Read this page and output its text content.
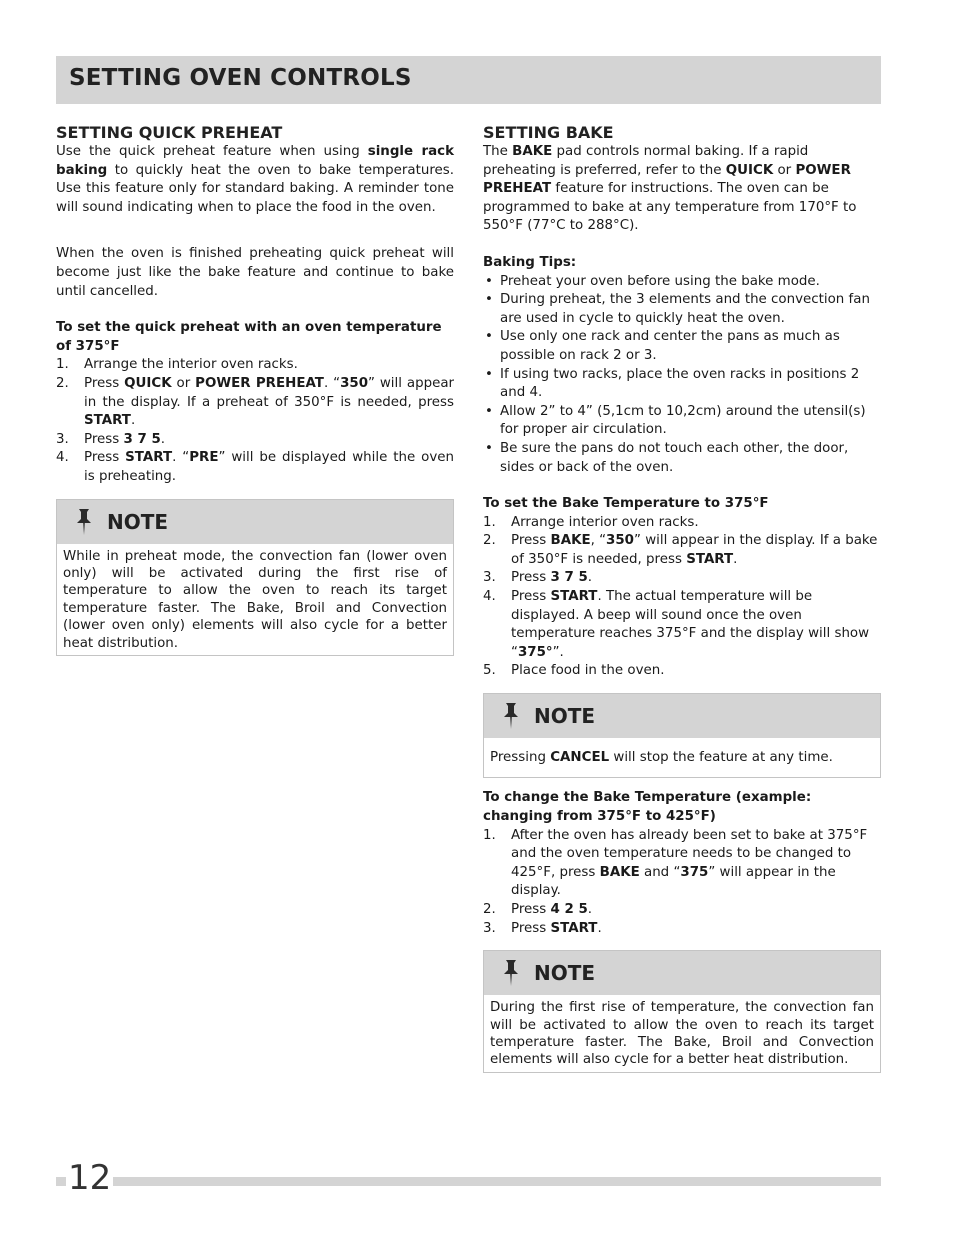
SETTING OVEN CONTROLS
SETTING QUICK PREHEAT

Use the quick preheat feature when using single rack baking to quickly heat the oven to bake temperatures. Use this feature only for standard baking. A reminder tone will sound indicating when to place the food in the oven.

When the oven is finished preheating quick preheat will become just like the bake feature and continue to bake until cancelled.

To set the quick preheat with an oven temperature of 375°F

1. Arrange the interior oven racks.
2. Press QUICK or POWER PREHEAT. “350” will appear in the display. If a preheat of 350°F is needed, press START.
3. Press 3 7 5.
4. Press START. “PRE” will be displayed while the oven is preheating.
NOTE
While in preheat mode, the convection fan (lower oven only) will be activated during the first rise of temperature to allow the oven to reach its target temperature faster. The Bake, Broil and Convection (lower oven only) elements will also cycle for a better heat distribution.
SETTING BAKE

The BAKE pad controls normal baking. If a rapid preheating is preferred, refer to the QUICK or POWER PREHEAT feature for instructions. The oven can be programmed to bake at any temperature from 170°F to 550°F (77°C to 288°C).

Baking Tips:

• Preheat your oven before using the bake mode.
• During preheat, the 3 elements and the convection fan are used in cycle to quickly heat the oven.
• Use only one rack and center the pans as much as possible on rack 2 or 3.
• If using two racks, place the oven racks in positions 2 and 4.
• Allow 2” to 4” (5,1cm to 10,2cm) around the utensil(s) for proper air circulation.
• Be sure the pans do not touch each other, the door, sides or back of the oven.

To set the Bake Temperature to 375°F

1. Arrange interior oven racks.
2. Press BAKE, “350” will appear in the display. If a bake of 350°F is needed, press START.
3. Press 3 7 5.
4. Press START. The actual temperature will be displayed. A beep will sound once the oven temperature reaches 375°F and the display will show “375°”.
5. Place food in the oven.
NOTE
Pressing CANCEL will stop the feature at any time.

To change the Bake Temperature (example: changing from 375°F to 425°F)

1. After the oven has already been set to bake at 375°F and the oven temperature needs to be changed to 425°F, press BAKE and “375” will appear in the display.
2. Press 4 2 5.
3. Press START.
NOTE
During the first rise of temperature, the convection fan will be activated to allow the oven to reach its target temperature faster. The Bake, Broil and Convection elements will also cycle for a better heat distribution.
12
